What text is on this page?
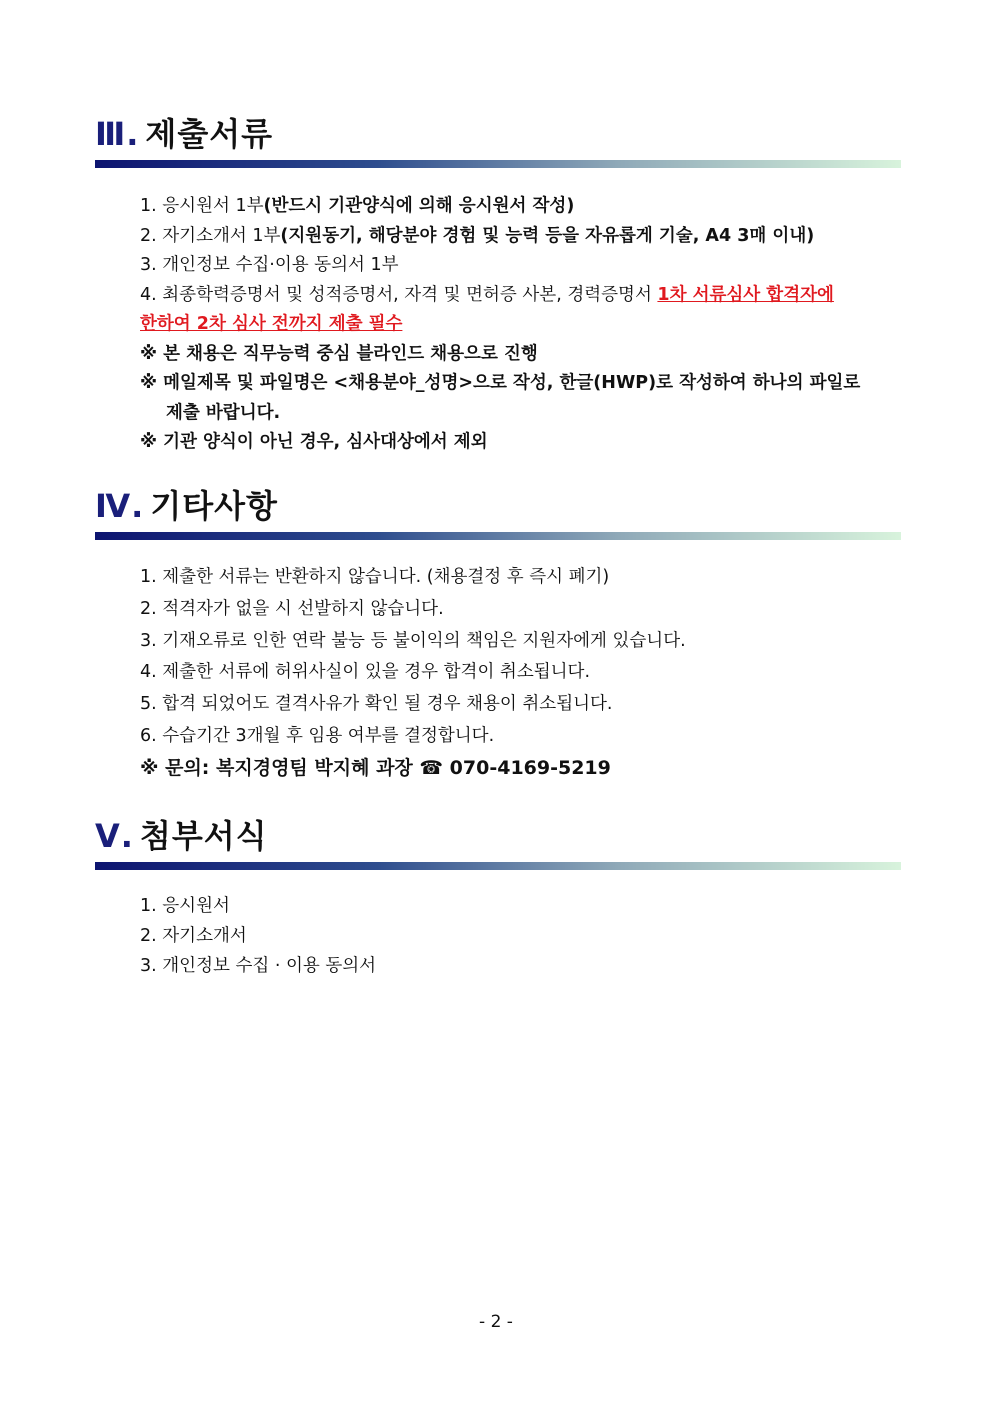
Ⅲ. 제출서류
1. 응시원서 1부(반드시 기관양식에 의해 응시원서 작성)
2. 자기소개서 1부(지원동기, 해당분야 경험 및 능력 등을 자유롭게 기술, A4 3매 이내)
3. 개인정보 수집·이용 동의서 1부
4. 최종학력증명서 및 성적증명서, 자격 및 면허증 사본, 경력증명서 1차 서류심사 합격자에
한하여 2차 심사 전까지 제출 필수
※ 본 채용은 직무능력 중심 블라인드 채용으로 진행
※ 메일제목 및 파일명은 <채용분야_성명>으로 작성, 한글(HWP)로 작성하여 하나의 파일로
제출 바랍니다.
※ 기관 양식이 아닌 경우, 심사대상에서 제외
Ⅳ. 기타사항
1. 제출한 서류는 반환하지 않습니다. (채용결정 후 즉시 폐기)
2. 적격자가 없을 시 선발하지 않습니다.
3. 기재오류로 인한 연락 불능 등 불이익의 책임은 지원자에게 있습니다.
4. 제출한 서류에 허위사실이 있을 경우 합격이 취소됩니다.
5. 합격 되었어도 결격사유가 확인 될 경우 채용이 취소됩니다.
6. 수습기간 3개월 후 임용 여부를 결정합니다.
※ 문의: 복지경영팀 박지혜 과장 ☎ 070-4169-5219
Ⅴ. 첨부서식
1. 응시원서
2. 자기소개서
3. 개인정보 수집 · 이용 동의서
- 2 -
